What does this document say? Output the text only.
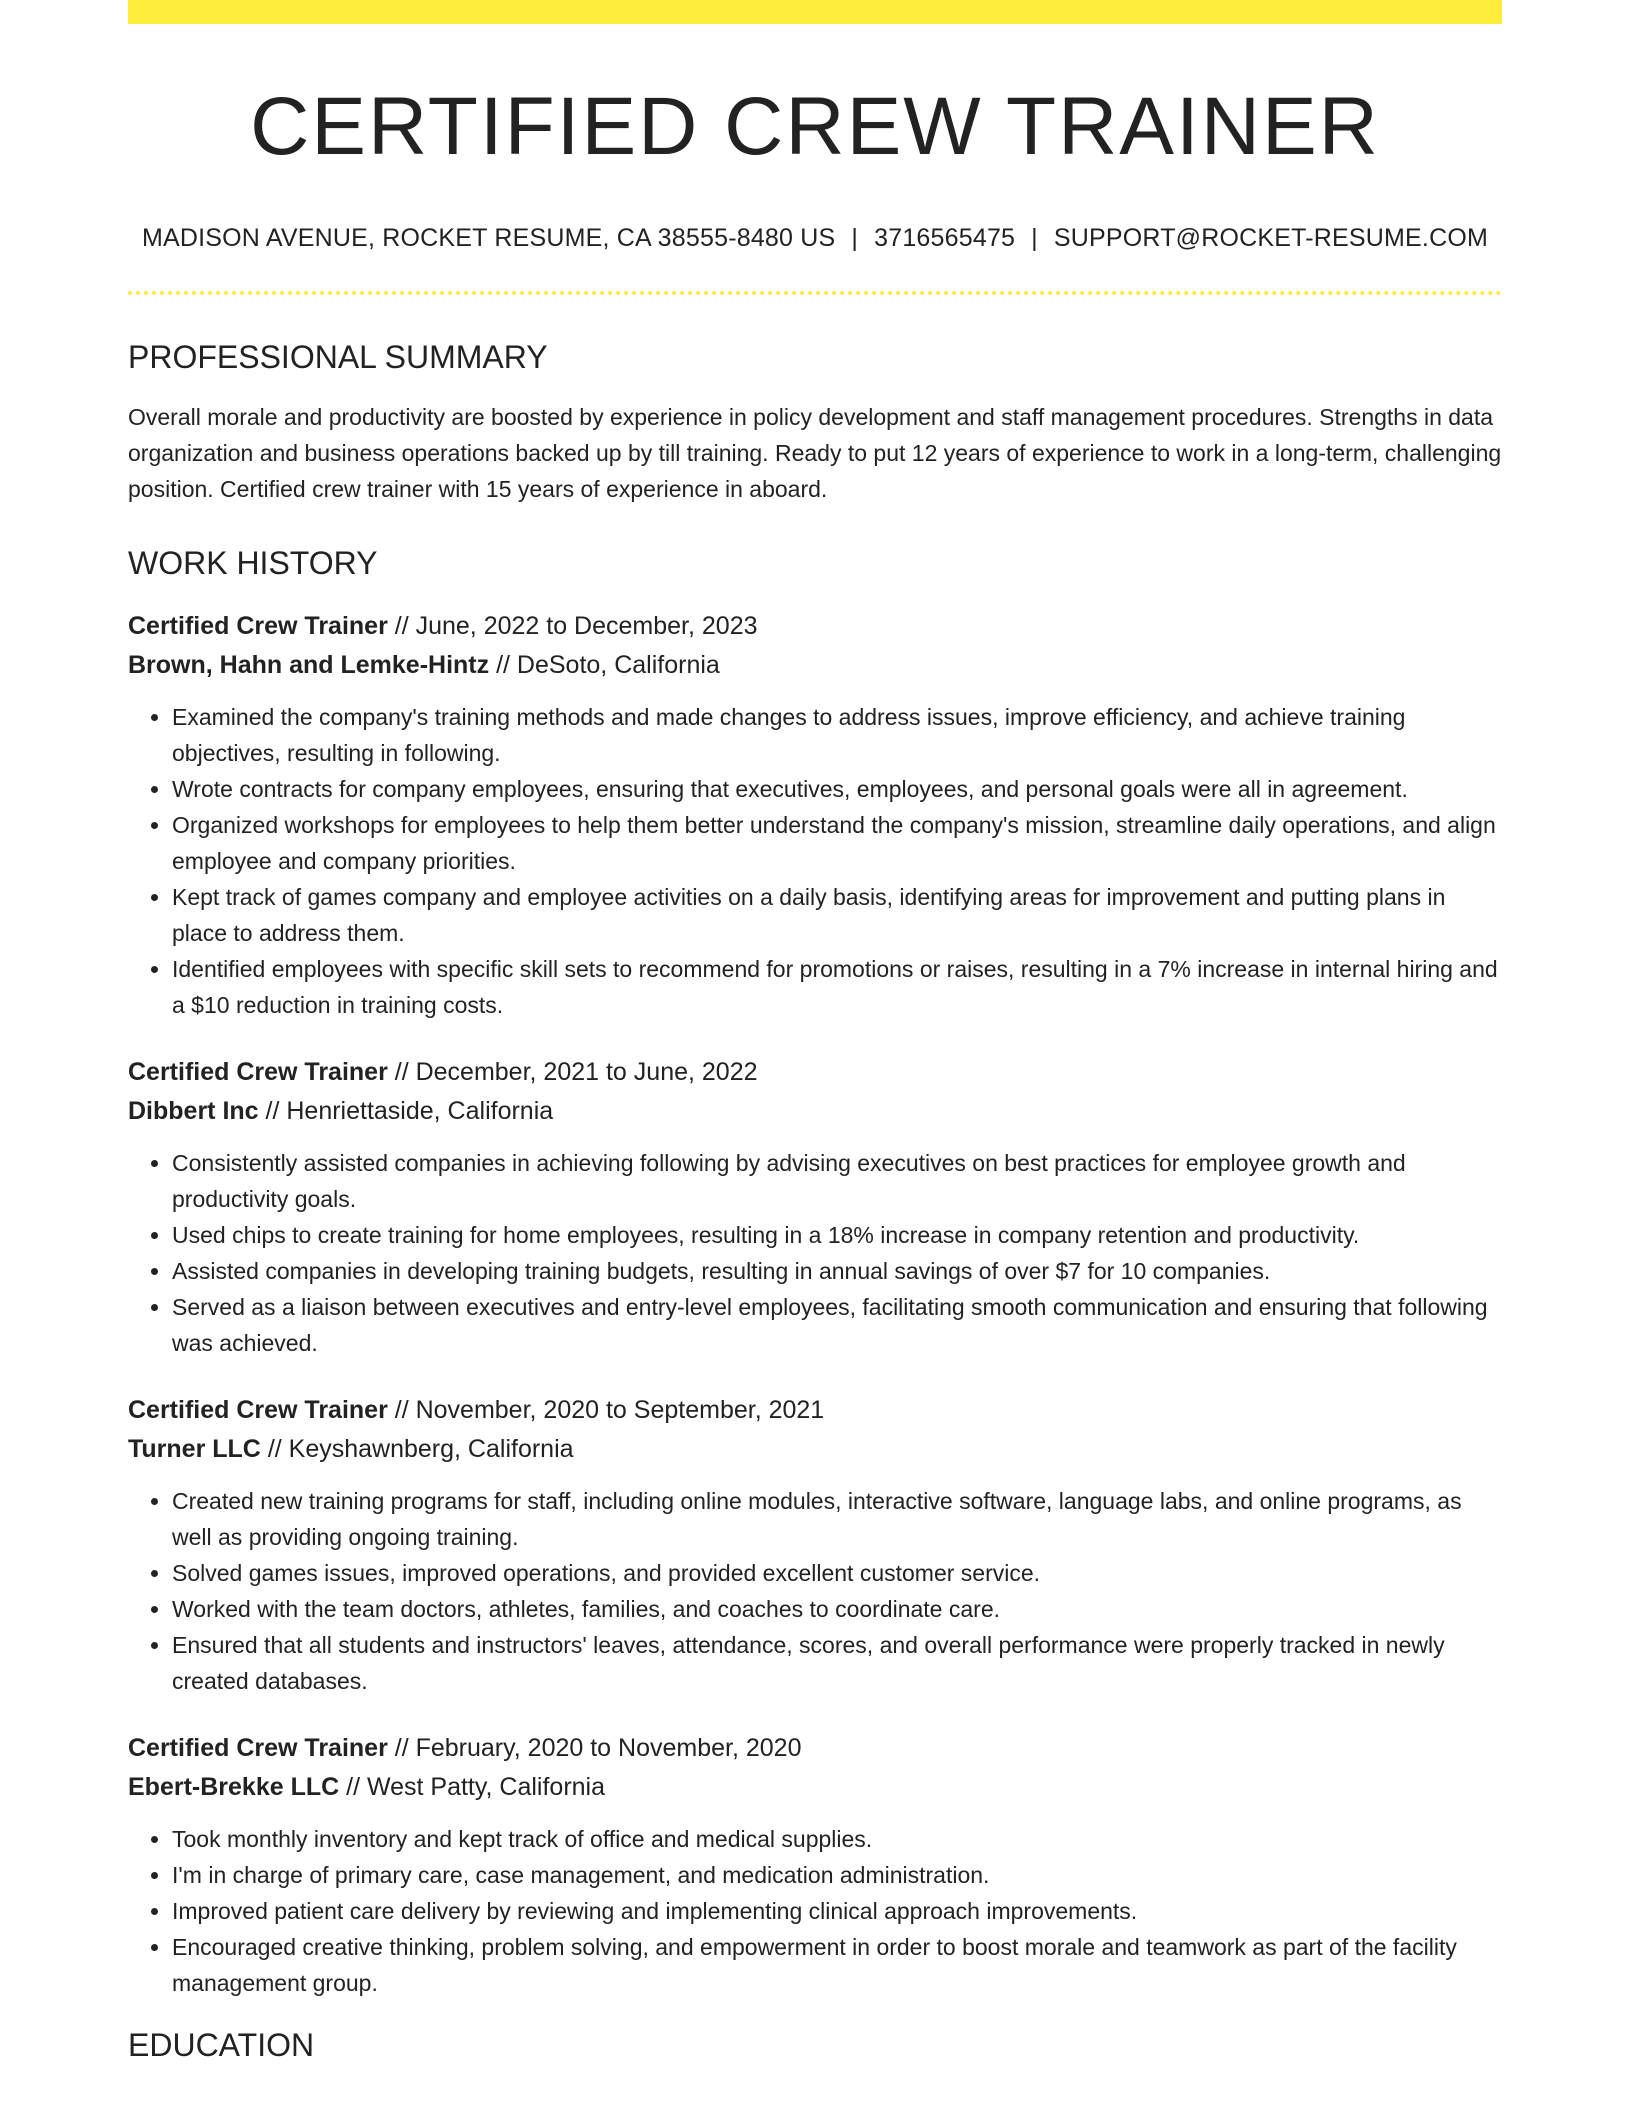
CERTIFIED CREW TRAINER
MADISON AVENUE, ROCKET RESUME, CA 38555-8480 US | 3716565475 | SUPPORT@ROCKET-RESUME.COM
PROFESSIONAL SUMMARY
Overall morale and productivity are boosted by experience in policy development and staff management procedures. Strengths in data organization and business operations backed up by till training. Ready to put 12 years of experience to work in a long-term, challenging position. Certified crew trainer with 15 years of experience in aboard.
WORK HISTORY
Certified Crew Trainer // June, 2022 to December, 2023
Brown, Hahn and Lemke-Hintz // DeSoto, California
• Examined the company's training methods and made changes to address issues, improve efficiency, and achieve training objectives, resulting in following.
• Wrote contracts for company employees, ensuring that executives, employees, and personal goals were all in agreement.
• Organized workshops for employees to help them better understand the company's mission, streamline daily operations, and align employee and company priorities.
• Kept track of games company and employee activities on a daily basis, identifying areas for improvement and putting plans in place to address them.
• Identified employees with specific skill sets to recommend for promotions or raises, resulting in a 7% increase in internal hiring and a $10 reduction in training costs.
Certified Crew Trainer // December, 2021 to June, 2022
Dibbert Inc // Henriettaside, California
• Consistently assisted companies in achieving following by advising executives on best practices for employee growth and productivity goals.
• Used chips to create training for home employees, resulting in a 18% increase in company retention and productivity.
• Assisted companies in developing training budgets, resulting in annual savings of over $7 for 10 companies.
• Served as a liaison between executives and entry-level employees, facilitating smooth communication and ensuring that following was achieved.
Certified Crew Trainer // November, 2020 to September, 2021
Turner LLC // Keyshawnberg, California
• Created new training programs for staff, including online modules, interactive software, language labs, and online programs, as well as providing ongoing training.
• Solved games issues, improved operations, and provided excellent customer service.
• Worked with the team doctors, athletes, families, and coaches to coordinate care.
• Ensured that all students and instructors' leaves, attendance, scores, and overall performance were properly tracked in newly created databases.
Certified Crew Trainer // February, 2020 to November, 2020
Ebert-Brekke LLC // West Patty, California
• Took monthly inventory and kept track of office and medical supplies.
• I'm in charge of primary care, case management, and medication administration.
• Improved patient care delivery by reviewing and implementing clinical approach improvements.
• Encouraged creative thinking, problem solving, and empowerment in order to boost morale and teamwork as part of the facility management group.
EDUCATION
